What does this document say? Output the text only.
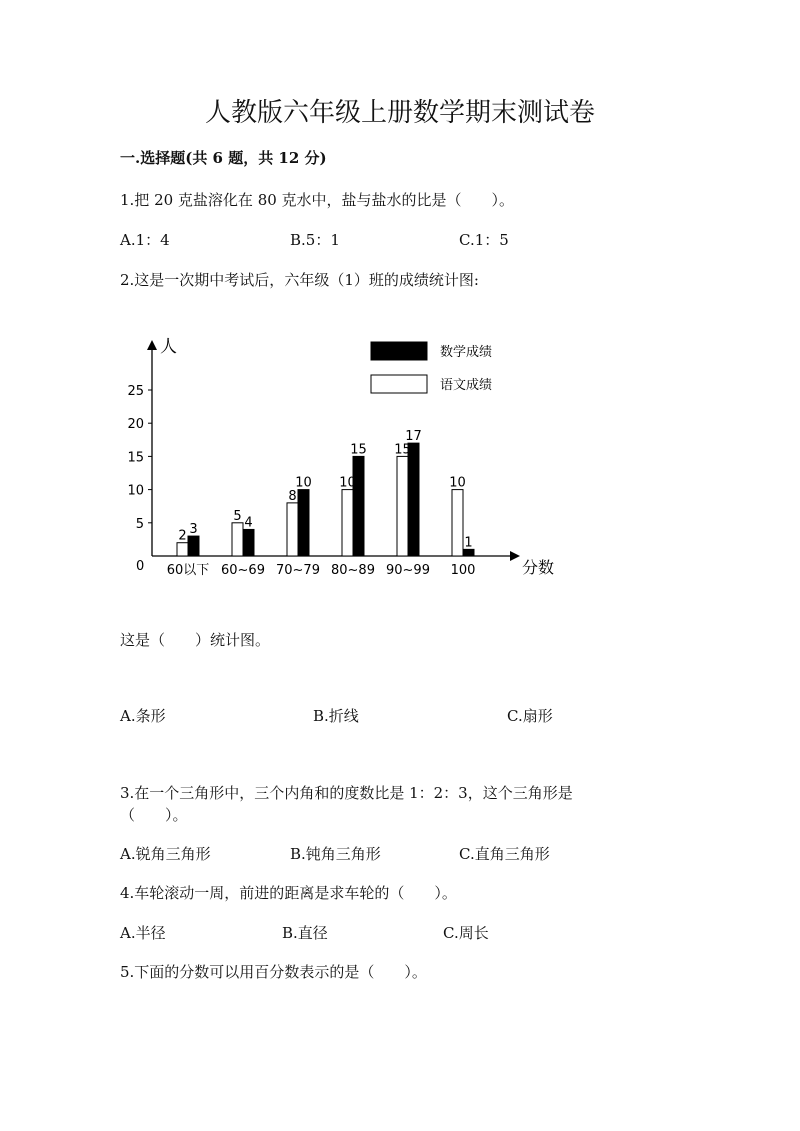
人教版六年级上册数学期末测试卷
一.选择题(共 6 题，共 12 分)
1.把 20 克盐溶化在 80 克水中，盐与盐水的比是（　　）。
A.1：4	B.5：1	C.1：5
2.这是一次期中考试后，六年级（1）班的成绩统计图:
人
分数
0
5
10
15
20
25
2 3
60以下
5 4
60~69
8
10
70~79
10
15
80~89
15
17
90~99
10
1
100
数学成绩
语文成绩
这是（　　）统计图。
A.条形	B.折线	C.扇形
3.在一个三角形中，三个内角和的度数比是 1：2：3，这个三角形是
（　　）。
A.锐角三角形	B.钝角三角形	C.直角三角形
4.车轮滚动一周，前进的距离是求车轮的（　　）。
A.半径	B.直径	C.周长
5.下面的分数可以用百分数表示的是（　　）。
